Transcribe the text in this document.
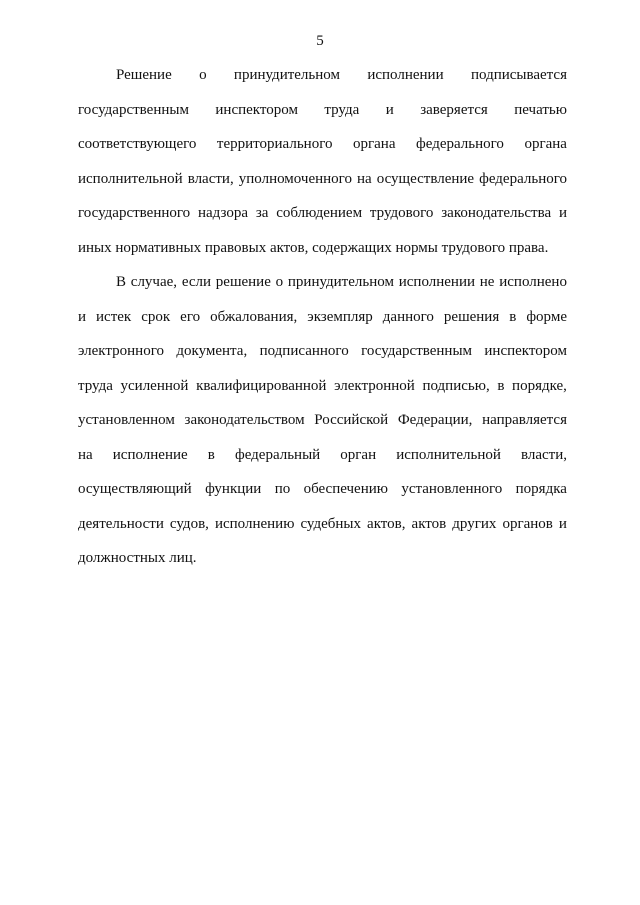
5
Решение о принудительном исполнении подписывается
государственным инспектором труда и заверяется печатью
соответствующего территориального органа федерального органа
исполнительной власти, уполномоченного на осуществление федерального
государственного надзора за соблюдением трудового законодательства и
иных нормативных правовых актов, содержащих нормы трудового права.
В случае, если решение о принудительном исполнении не исполнено
и истек срок его обжалования, экземпляр данного решения в форме
электронного документа, подписанного государственным инспектором
труда усиленной квалифицированной электронной подписью, в порядке,
установленном законодательством Российской Федерации, направляется
на исполнение в федеральный орган исполнительной власти,
осуществляющий функции по обеспечению установленного порядка
деятельности судов, исполнению судебных актов, актов других органов и
должностных лиц.
